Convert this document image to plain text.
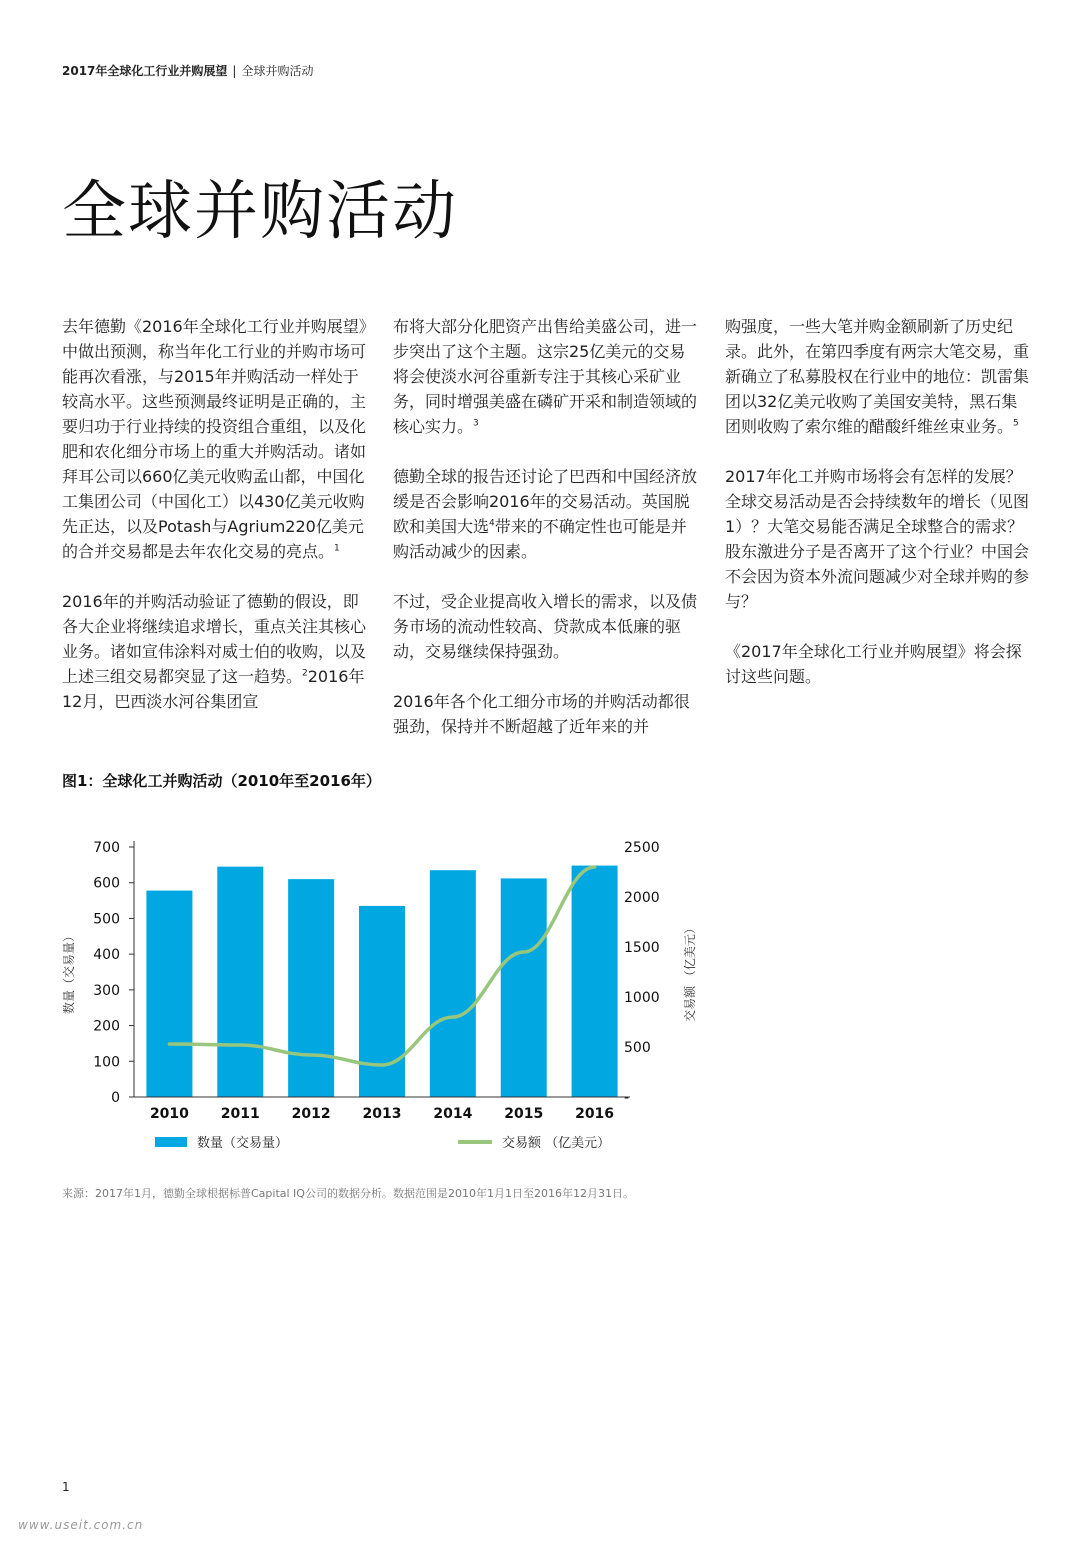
2017年全球化工行业并购展望 | 全球并购活动
全球并购活动

去年德勤《2016年全球化工行业并购展望》中做出预测，称当年化工行业的并购市场可能再次看涨，与2015年并购活动一样处于较高水平。这些预测最终证明是正确的，主要归功于行业持续的投资组合重组，以及化肥和农化细分市场上的重大并购活动。诸如拜耳公司以660亿美元收购孟山都，中国化工集团公司（中国化工）以430亿美元收购先正达，以及Potash与Agrium220亿美元的合并交易都是去年农化交易的亮点。$^1$

2016年的并购活动验证了德勤的假设，即各大企业将继续追求增长，重点关注其核心业务。诸如宣伟涂料对威士伯的收购，以及上述三组交易都突显了这一趋势。$^2$2016年12月，巴西淡水河谷集团宣

布将大部分化肥资产出售给美盛公司，进一步突出了这个主题。这宗25亿美元的交易将会使淡水河谷重新专注于其核心采矿业务，同时增强美盛在磷矿开采和制造领域的核心实力。$^3$

德勤全球的报告还讨论了巴西和中国经济放缓是否会影响2016年的交易活动。英国脱欧和美国大选$^4$带来的不确定性也可能是并购活动减少的因素。

不过，受企业提高收入增长的需求，以及债务市场的流动性较高、贷款成本低廉的驱动，交易继续保持强劲。

2016年各个化工细分市场的并购活动都很强劲，保持并不断超越了近年来的并

购强度，一些大笔并购金额刷新了历史纪录。此外，在第四季度有两宗大笔交易，重新确立了私募股权在行业中的地位：凯雷集团以32亿美元收购了美国安美特，黑石集团则收购了索尔维的醋酸纤维丝束业务。$^5$

2017年化工并购市场将会有怎样的发展？全球交易活动是否会持续数年的增长（见图1）？大笔交易能否满足全球整合的需求？股东激进分子是否离开了这个行业？中国会不会因为资本外流问题减少对全球并购的参与？

《2017年全球化工行业并购展望》将会探讨这些问题。

图1：全球化工并购活动（2010年至2016年）
0
100
200
300
400
500
600
700
-
500
1000
1500
2000
2500
2010 2011 2012 2013 2014 2015 2016
数量（交易量）	交易额 （亿美元）
数量（交易量）	交易额 （亿美元）
来源：2017年1月，德勤全球根据标普Capital IQ公司的数据分析。数据范围是2010年1月1日至2016年12月31日。
1
www.useit.com.cn
